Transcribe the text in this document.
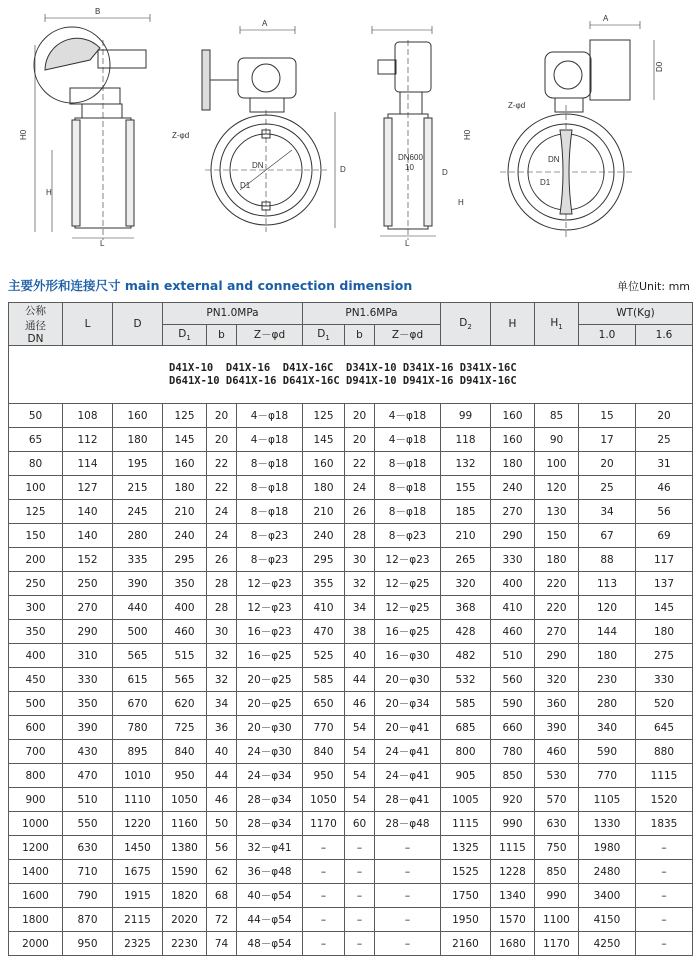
B
A
A
H0	Z-φd
DN
D1
D
H
L	L
DN600
10
H0
D
H
Z-φd
DN
D1
D0
主要外形和连接尺寸 main external and connection dimension	单位Unit: mm
公称
通径
DN	L	D	PN1.0MPa			PN1.6MPa			$D_2$	H	$H_1$	WT(Kg)	
			$D_1$	b	Z－φd	$D_1$	b	Z－φd				1.0	1.6

D41X-10  D41X-16  D41X-16C  D341X-10 D341X-16 D341X-16C
D641X-10 D641X-16 D641X-16C D941X-10 D941X-16 D941X-16C													

50	108	160	125	20	4－φ18	125	20	4－φ18	99	160	85	15	20
65	112	180	145	20	4－φ18	145	20	4－φ18	118	160	90	17	25
80	114	195	160	22	8－φ18	160	22	8－φ18	132	180	100	20	31
100	127	215	180	22	8－φ18	180	24	8－φ18	155	240	120	25	46
125	140	245	210	24	8－φ18	210	26	8－φ18	185	270	130	34	56
150	140	280	240	24	8－φ23	240	28	8－φ23	210	290	150	67	69
200	152	335	295	26	8－φ23	295	30	12－φ23	265	330	180	88	117
250	250	390	350	28	12－φ23	355	32	12－φ25	320	400	220	113	137
300	270	440	400	28	12－φ23	410	34	12－φ25	368	410	220	120	145
350	290	500	460	30	16－φ23	470	38	16－φ25	428	460	270	144	180
400	310	565	515	32	16－φ25	525	40	16－φ30	482	510	290	180	275
450	330	615	565	32	20－φ25	585	44	20－φ30	532	560	320	230	330
500	350	670	620	34	20－φ25	650	46	20－φ34	585	590	360	280	520
600	390	780	725	36	20－φ30	770	54	20－φ41	685	660	390	340	645
700	430	895	840	40	24－φ30	840	54	24－φ41	800	780	460	590	880
800	470	1010	950	44	24－φ34	950	54	24－φ41	905	850	530	770	1115
900	510	1110	1050	46	28－φ34	1050	54	28－φ41	1005	920	570	1105	1520
1000	550	1220	1160	50	28－φ34	1170	60	28－φ48	1115	990	630	1330	1835
1200	630	1450	1380	56	32－φ41	–	–	–	1325	1115	750	1980	–
1400	710	1675	1590	62	36－φ48	–	–	–	1525	1228	850	2480	–
1600	790	1915	1820	68	40－φ54	–	–	–	1750	1340	990	3400	–
1800	870	2115	2020	72	44－φ54	–	–	–	1950	1570	1100	4150	–
2000	950	2325	2230	74	48－φ54	–	–	–	2160	1680	1170	4250	–
